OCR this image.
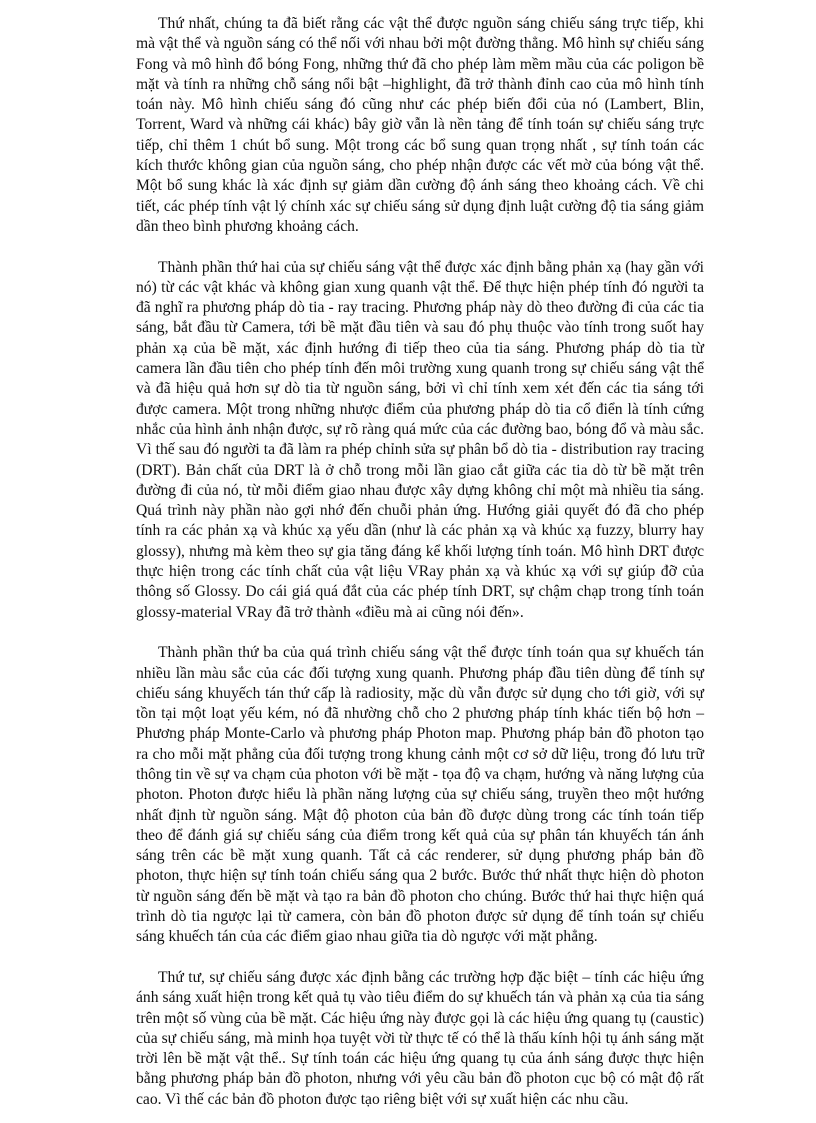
Thứ nhất, chúng ta đã biết rằng các vật thể được nguồn sáng chiếu sáng trực tiếp, khi mà vật thể và nguồn sáng có thể nối với nhau bởi một đường thẳng. Mô hình sự chiếu sáng Fong và mô hình đổ bóng Fong, những thứ đã cho phép làm mềm mầu của các poligon bề mặt và tính ra những chỗ sáng nổi bật –highlight, đã trở thành đỉnh cao của mô hình tính toán này. Mô hình chiếu sáng đó cũng như các phép biến đổi của nó (Lambert, Blin, Torrent, Ward và những cái khác) bây giờ vẫn là nền tảng để tính toán sự chiếu sáng trực tiếp, chỉ thêm 1 chút bổ sung. Một trong các bổ sung quan trọng nhất , sự tính toán các kích thước không gian của nguồn sáng, cho phép nhận được các vết mờ của bóng vật thể. Một bổ sung khác là xác định sự giảm dần cường độ ánh sáng theo khoảng cách. Về chi tiết, các phép tính vật lý chính xác sự chiếu sáng sử dụng định luật cường độ tia sáng giảm dần theo bình phương khoảng cách.

Thành phần thứ hai của sự chiếu sáng vật thể được xác định bằng phản xạ (hay gần với nó) từ các vật khác và không gian xung quanh vật thể. Để thực hiện phép tính đó người ta đã nghĩ ra phương pháp dò tia - ray tracing. Phương pháp này dò theo đường đi của các tia sáng, bắt đầu từ Camera, tới bề mặt đầu tiên và sau đó phụ thuộc vào tính trong suốt hay phản xạ của bề mặt, xác định hướng đi tiếp theo của tia sáng. Phương pháp dò tia từ camera lần đầu tiên cho phép tính đến môi trường xung quanh trong sự chiếu sáng vật thể và đã hiệu quả hơn sự dò tia từ nguồn sáng, bởi vì chỉ tính xem xét đến các tia sáng tới được camera. Một trong những nhược điểm của phương pháp dò tia cổ điển là tính cứng nhắc của hình ảnh nhận được, sự rõ ràng quá mức của các đường bao, bóng đổ và màu sắc. Vì thế sau đó người ta đã làm ra phép chỉnh sửa sự phân bổ dò tia - distribution ray tracing (DRT). Bản chất của DRT là ở chỗ trong mỗi lần giao cắt giữa các tia dò từ bề mặt trên đường đi của nó, từ mỗi điểm giao nhau được xây dựng không chỉ một mà nhiều tia sáng. Quá trình này phần nào gợi nhớ đến chuỗi phản ứng. Hướng giải quyết đó đã cho phép tính ra các phản xạ và khúc xạ yếu dần (như là các phản xạ và khúc xạ fuzzy, blurry hay glossy), nhưng mà kèm theo sự gia tăng đáng kể khối lượng tính toán. Mô hình DRT được thực hiện trong các tính chất của vật liệu VRay phản xạ và khúc xạ với sự giúp đỡ của thông số Glossy. Do cái giá quá đắt của các phép tính DRT, sự chậm chạp trong tính toán glossy-material VRay đã trở thành «điều mà ai cũng nói đến».

Thành phần thứ ba của quá trình chiếu sáng vật thể được tính toán qua sự khuếch tán nhiều lần màu sắc của các đối tượng xung quanh. Phương pháp đầu tiên dùng để tính sự chiếu sáng khuyếch tán thứ cấp là radiosity, mặc dù vẫn được sử dụng cho tới giờ, với sự tồn tại một loạt yếu kém, nó đã nhường chỗ cho 2 phương pháp tính khác tiến bộ hơn – Phương pháp Monte-Carlo và phương pháp Photon map. Phương pháp bản đồ photon tạo ra cho mỗi mặt phẳng của đối tượng trong khung cảnh một cơ sở dữ liệu, trong đó lưu trữ thông tin về sự va chạm của photon với bề mặt - tọa độ va chạm, hướng và năng lượng của photon. Photon được hiểu là phần năng lượng của sự chiếu sáng, truyền theo một hướng nhất định từ nguồn sáng. Mật độ photon của bản đồ được dùng trong các tính toán tiếp theo để đánh giá sự chiếu sáng của điểm trong kết quả của sự phân tán khuyếch tán ánh sáng trên các bề mặt xung quanh. Tất cả các renderer, sử dụng phương pháp bản đồ photon, thực hiện sự tính toán chiếu sáng qua 2 bước. Bước thứ nhất thực hiện dò photon từ nguồn sáng đến bề mặt và tạo ra bản đồ photon cho chúng. Bước thứ hai thực hiện quá trình dò tia ngược lại từ camera, còn bản đồ photon được sử dụng để tính toán sự chiếu sáng khuếch tán của các điểm giao nhau giữa tia dò ngược với mặt phẳng.

Thứ tư, sự chiếu sáng được xác định bằng các trường hợp đặc biệt – tính các hiệu ứng ánh sáng xuất hiện trong kết quả tụ vào tiêu điểm do sự khuếch tán và phản xạ của tia sáng trên một số vùng của bề mặt. Các hiệu ứng này được gọi là các hiệu ứng quang tụ (caustic) của sự chiếu sáng, mà minh họa tuyệt vời từ thực tế có thể là thấu kính hội tụ ánh sáng mặt trời lên bề mặt vật thể.. Sự tính toán các hiệu ứng quang tụ của ánh sáng được thực hiện bằng phương pháp bản đồ photon, nhưng với yêu cầu bản đồ photon cục bộ có mật độ rất cao. Vì thế các bản đồ photon được tạo riêng biệt với sự xuất hiện các nhu cầu.
